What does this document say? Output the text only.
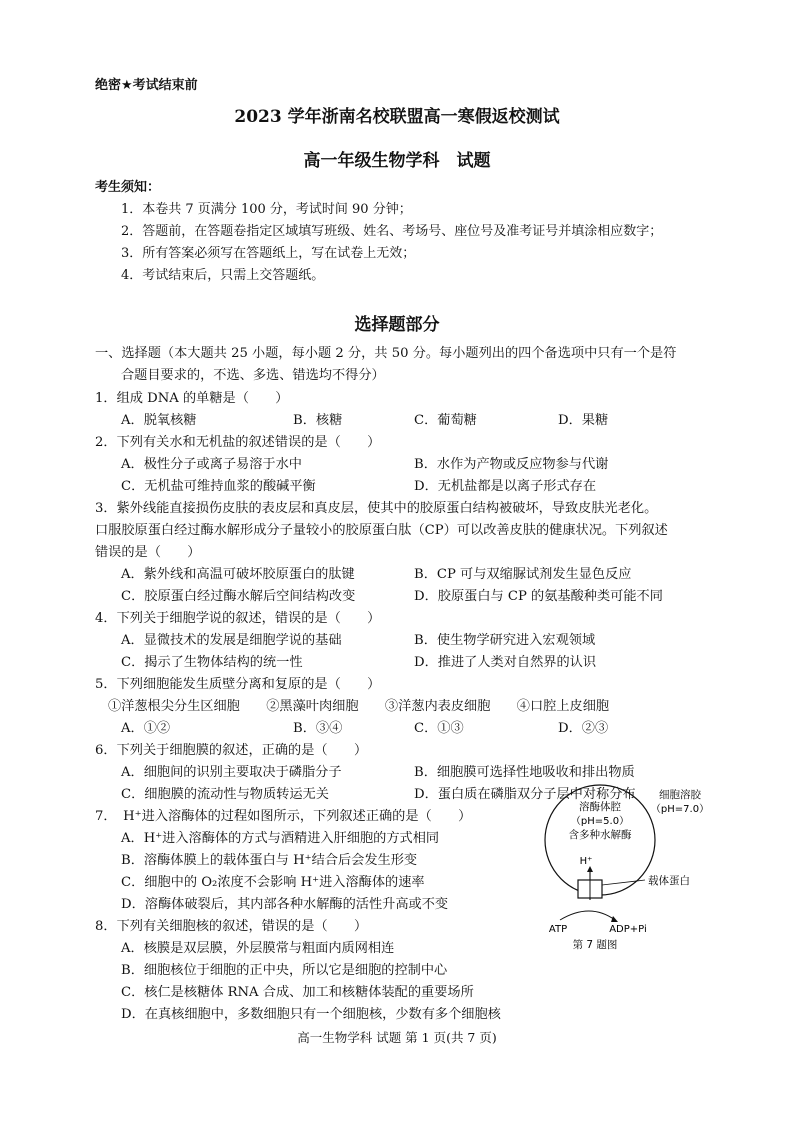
绝密★考试结束前
2023 学年浙南名校联盟高一寒假返校测试
高一年级生物学科　试题
考生须知：
1．本卷共 7 页满分 100 分，考试时间 90 分钟；
2．答题前，在答题卷指定区域填写班级、姓名、考场号、座位号及准考证号并填涂相应数字；
3．所有答案必须写在答题纸上，写在试卷上无效；
4．考试结束后，只需上交答题纸。
选择题部分
一、选择题（本大题共 25 小题，每小题 2 分，共 50 分。每小题列出的四个备选项中只有一个是符
合题目要求的，不选、多选、错选均不得分）
1．组成 DNA 的单糖是（　　）
A．脱氧核糖	B．核糖	C．葡萄糖	D．果糖
2．下列有关水和无机盐的叙述错误的是（　　）
A．极性分子或离子易溶于水中	B．水作为产物或反应物参与代谢
C．无机盐可维持血浆的酸碱平衡	D．无机盐都是以离子形式存在
3．紫外线能直接损伤皮肤的表皮层和真皮层，使其中的胶原蛋白结构被破坏，导致皮肤光老化。
口服胶原蛋白经过酶水解形成分子量较小的胶原蛋白肽（CP）可以改善皮肤的健康状况。下列叙述
错误的是（　　）
A．紫外线和高温可破坏胶原蛋白的肽键	B．CP 可与双缩脲试剂发生显色反应
C．胶原蛋白经过酶水解后空间结构改变	D．胶原蛋白与 CP 的氨基酸种类可能不同
4．下列关于细胞学说的叙述，错误的是（　　）
A．显微技术的发展是细胞学说的基础	B．使生物学研究进入宏观领域
C．揭示了生物体结构的统一性	D．推进了人类对自然界的认识
5．下列细胞能发生质壁分离和复原的是（　　）
①洋葱根尖分生区细胞　　②黑藻叶肉细胞　　③洋葱内表皮细胞　　④口腔上皮细胞
A．①②	B．③④	C．①③	D．②③
6．下列关于细胞膜的叙述，正确的是（　　）
A．细胞间的识别主要取决于磷脂分子	B．细胞膜可选择性地吸收和排出物质
C．细胞膜的流动性与物质转运无关	D．蛋白质在磷脂双分子层中对称分布
7．　H⁺进入溶酶体的过程如图所示，下列叙述正确的是（　　）
A．H⁺进入溶酶体的方式与酒精进入肝细胞的方式相同
B．溶酶体膜上的载体蛋白与 H⁺结合后会发生形变
C．细胞中的 O₂浓度不会影响 H⁺进入溶酶体的速率
D．溶酶体破裂后，其内部各种水解酶的活性升高或不变
8．下列有关细胞核的叙述，错误的是（　　）
A．核膜是双层膜，外层膜常与粗面内质网相连
B．细胞核位于细胞的正中央，所以它是细胞的控制中心
C．核仁是核糖体 RNA 合成、加工和核糖体装配的重要场所
D．在真核细胞中，多数细胞只有一个细胞核，少数有多个细胞核
溶酶体腔
（pH=5.0）
含多种水解酶
细胞溶胶
（pH=7.0）
H⁺
载体蛋白
ATP	ADP+Pi
第 7 题图
高一生物学科 试题 第 1 页(共 7 页)
